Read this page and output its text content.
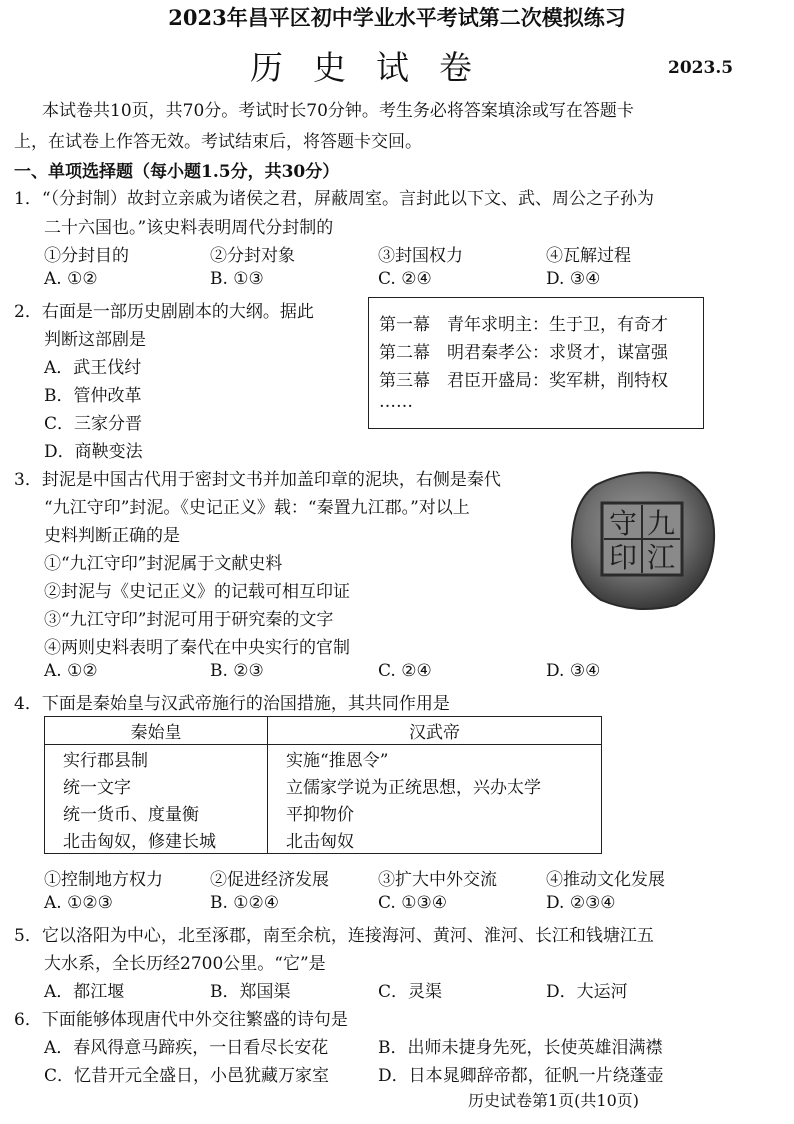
2023年昌平区初中学业水平考试第二次模拟练习
历史试卷	2023.5
本试卷共10页，共70分。考试时长70分钟。考生务必将答案填涂或写在答题卡
上，在试卷上作答无效。考试结束后，将答题卡交回。
一、单项选择题（每小题1.5分，共30分）
1．“（分封制）故封立亲戚为诸侯之君，屏蔽周室。言封此以下文、武、周公之子孙为
二十六国也。”该史料表明周代分封制的
①分封目的	②分封对象	③封国权力	④瓦解过程
A. ①②	B. ①③	C. ②④	D. ③④
2．右面是一部历史剧剧本的大纲。据此
判断这部剧是
A．武王伐纣
B．管仲改革
C．三家分晋
D．商鞅变法
第一幕　青年求明主：生于卫，有奇才
第二幕　明君秦孝公：求贤才，谋富强
第三幕　君臣开盛局：奖军耕，削特权
……
3．封泥是中国古代用于密封文书并加盖印章的泥块，右侧是秦代
“九江守印”封泥。《史记正义》载：“秦置九江郡。”对以上
史料判断正确的是
①“九江守印”封泥属于文献史料
②封泥与《史记正义》的记载可相互印证
③“九江守印”封泥可用于研究秦的文字
④两则史料表明了秦代在中央实行的官制
A. ①②	B. ②③	C. ②④	D. ③④
九
江
守
印
4．下面是秦始皇与汉武帝施行的治国措施，其共同作用是
秦始皇	汉武帝
实行郡县制	实施“推恩令”
统一文字	立儒家学说为正统思想，兴办太学
统一货币、度量衡	平抑物价
北击匈奴，修建长城	北击匈奴
①控制地方权力	②促进经济发展	③扩大中外交流	④推动文化发展
A. ①②③	B. ①②④	C. ①③④	D. ②③④
5．它以洛阳为中心，北至涿郡，南至余杭，连接海河、黄河、淮河、长江和钱塘江五
大水系，全长历经2700公里。“它”是
A．都江堰	B．郑国渠	C．灵渠	D．大运河
6．下面能够体现唐代中外交往繁盛的诗句是
A．春风得意马蹄疾，一日看尽长安花	B．出师未捷身先死，长使英雄泪满襟
C．忆昔开元全盛日，小邑犹藏万家室	D．日本晁卿辞帝都，征帆一片绕蓬壶
历史试卷第1页(共10页)
